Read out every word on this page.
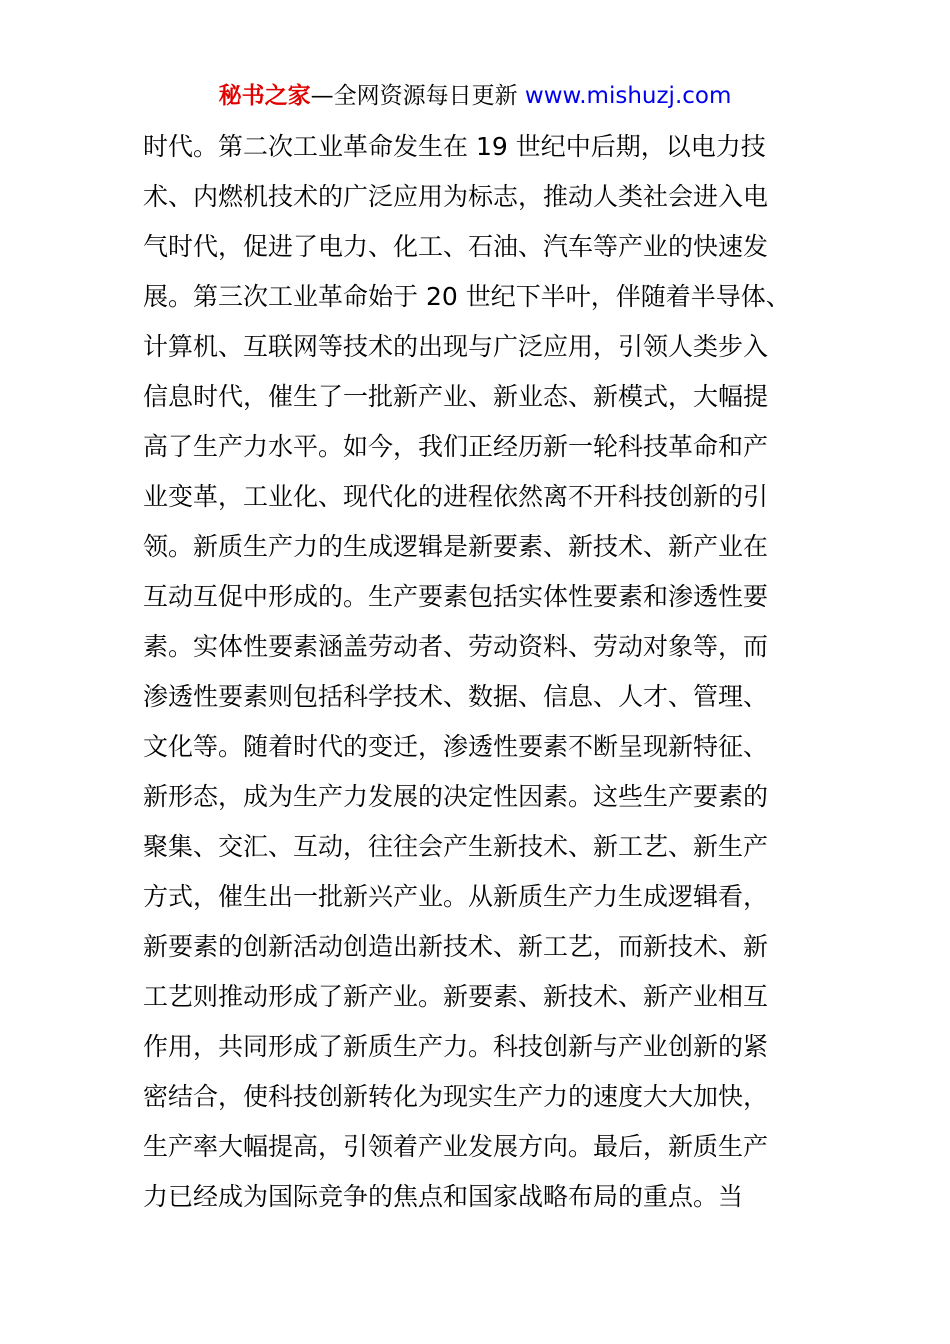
秘书之家—全网资源每日更新 www.mishuzj.com
时代。第二次工业革命发生在 19 世纪中后期，以电力技
术、内燃机技术的广泛应用为标志，推动人类社会进入电
气时代，促进了电力、化工、石油、汽车等产业的快速发
展。第三次工业革命始于 20 世纪下半叶，伴随着半导体、
计算机、互联网等技术的出现与广泛应用，引领人类步入
信息时代，催生了一批新产业、新业态、新模式，大幅提
高了生产力水平。如今，我们正经历新一轮科技革命和产
业变革，工业化、现代化的进程依然离不开科技创新的引
领。新质生产力的生成逻辑是新要素、新技术、新产业在
互动互促中形成的。生产要素包括实体性要素和渗透性要
素。实体性要素涵盖劳动者、劳动资料、劳动对象等，而
渗透性要素则包括科学技术、数据、信息、人才、管理、
文化等。随着时代的变迁，渗透性要素不断呈现新特征、
新形态，成为生产力发展的决定性因素。这些生产要素的
聚集、交汇、互动，往往会产生新技术、新工艺、新生产
方式，催生出一批新兴产业。从新质生产力生成逻辑看，
新要素的创新活动创造出新技术、新工艺，而新技术、新
工艺则推动形成了新产业。新要素、新技术、新产业相互
作用，共同形成了新质生产力。科技创新与产业创新的紧
密结合，使科技创新转化为现实生产力的速度大大加快，
生产率大幅提高，引领着产业发展方向。最后，新质生产
力已经成为国际竞争的焦点和国家战略布局的重点。当
